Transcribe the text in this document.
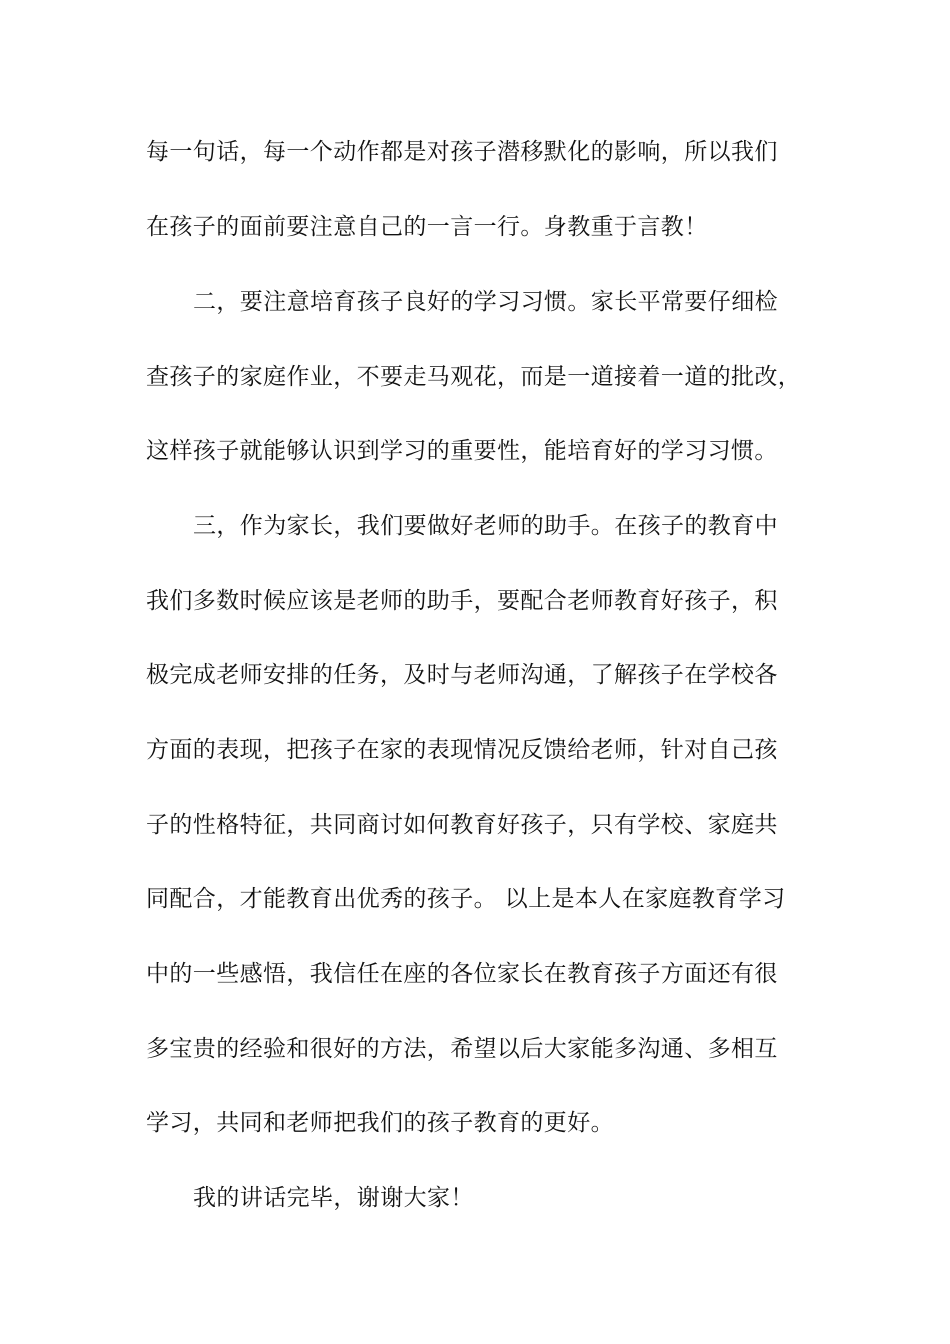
每一句话，每一个动作都是对孩子潜移默化的影响，所以我们

在孩子的面前要注意自己的一言一行。身教重于言教！

二，要注意培育孩子良好的学习习惯。家长平常要仔细检

查孩子的家庭作业，不要走马观花，而是一道接着一道的批改，

这样孩子就能够认识到学习的重要性，能培育好的学习习惯。

三，作为家长，我们要做好老师的助手。在孩子的教育中

我们多数时候应该是老师的助手，要配合老师教育好孩子，积

极完成老师安排的任务，及时与老师沟通，了解孩子在学校各

方面的表现，把孩子在家的表现情况反馈给老师，针对自己孩

子的性格特征，共同商讨如何教育好孩子，只有学校、家庭共

同配合，才能教育出优秀的孩子。 以上是本人在家庭教育学习

中的一些感悟，我信任在座的各位家长在教育孩子方面还有很

多宝贵的经验和很好的方法，希望以后大家能多沟通、多相互

学习，共同和老师把我们的孩子教育的更好。

我的讲话完毕，谢谢大家！
